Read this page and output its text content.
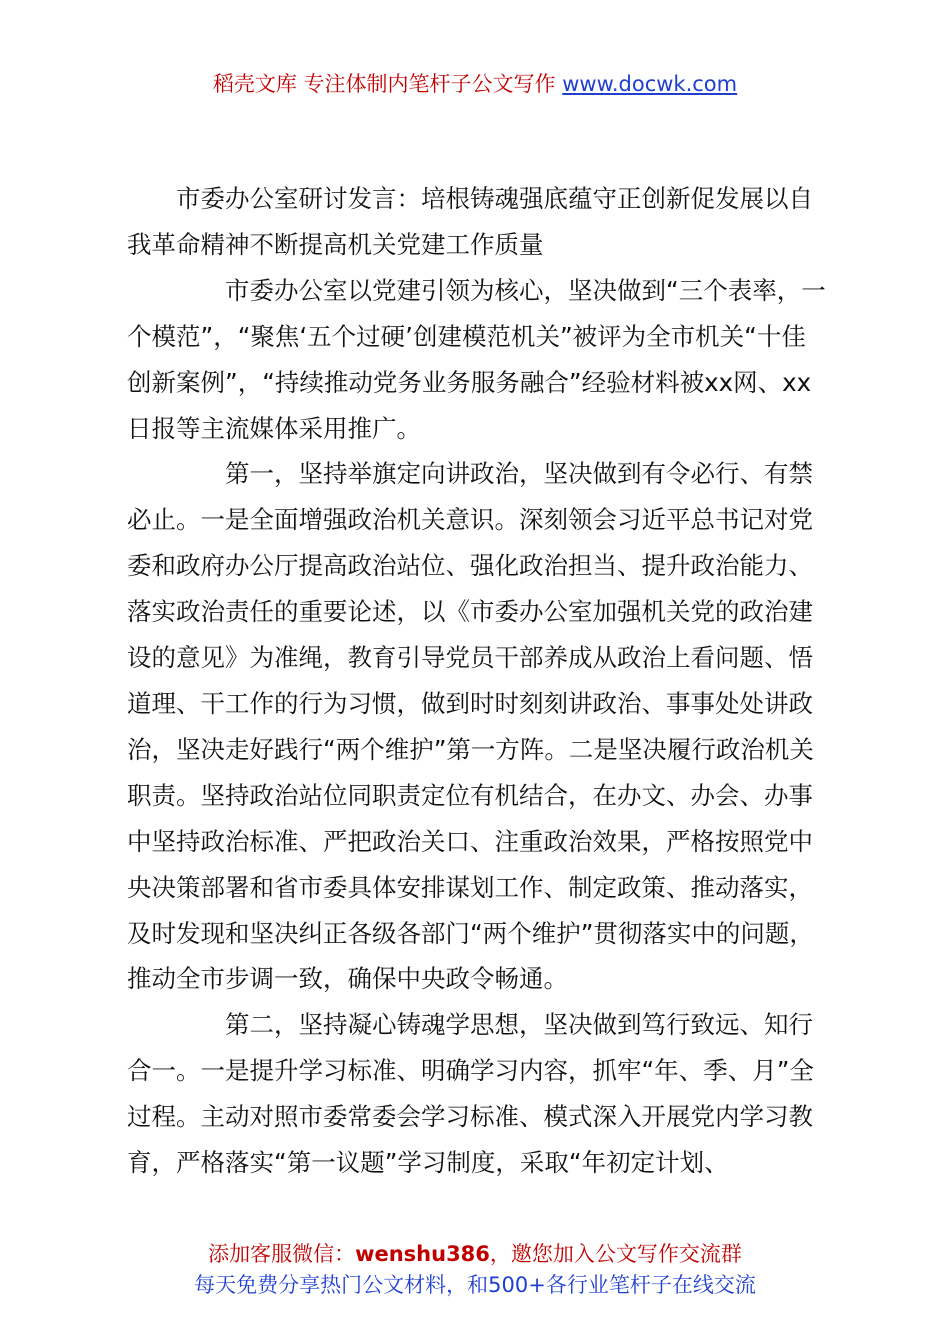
稻壳文库 专注体制内笔杆子公文写作 www.docwk.com

市委办公室研讨发言：培根铸魂强底蕴守正创新促发展以自我革命精神不断提高机关党建工作质量

市委办公室以党建引领为核心，坚决做到“三个表率，一个模范”，“聚焦‘五个过硬’创建模范机关”被评为全市机关“十佳创新案例”，“持续推动党务业务服务融合”经验材料被xx网、xx日报等主流媒体采用推广。

第一，坚持举旗定向讲政治，坚决做到有令必行、有禁必止。一是全面增强政治机关意识。深刻领会习近平总书记对党委和政府办公厅提高政治站位、强化政治担当、提升政治能力、落实政治责任的重要论述，以《市委办公室加强机关党的政治建设的意见》为准绳，教育引导党员干部养成从政治上看问题、悟道理、干工作的行为习惯，做到时时刻刻讲政治、事事处处讲政治，坚决走好践行“两个维护”第一方阵。二是坚决履行政治机关职责。坚持政治站位同职责定位有机结合，在办文、办会、办事中坚持政治标准、严把政治关口、注重政治效果，严格按照党中央决策部署和省市委具体安排谋划工作、制定政策、推动落实，及时发现和坚决纠正各级各部门“两个维护”贯彻落实中的问题，推动全市步调一致，确保中央政令畅通。

第二，坚持凝心铸魂学思想，坚决做到笃行致远、知行合一。一是提升学习标准、明确学习内容，抓牢“年、季、月”全过程。主动对照市委常委会学习标准、模式深入开展党内学习教育，严格落实“第一议题”学习制度，采取“年初定计划、

添加客服微信：wenshu386，邀您加入公文写作交流群
每天免费分享热门公文材料，和500+各行业笔杆子在线交流
